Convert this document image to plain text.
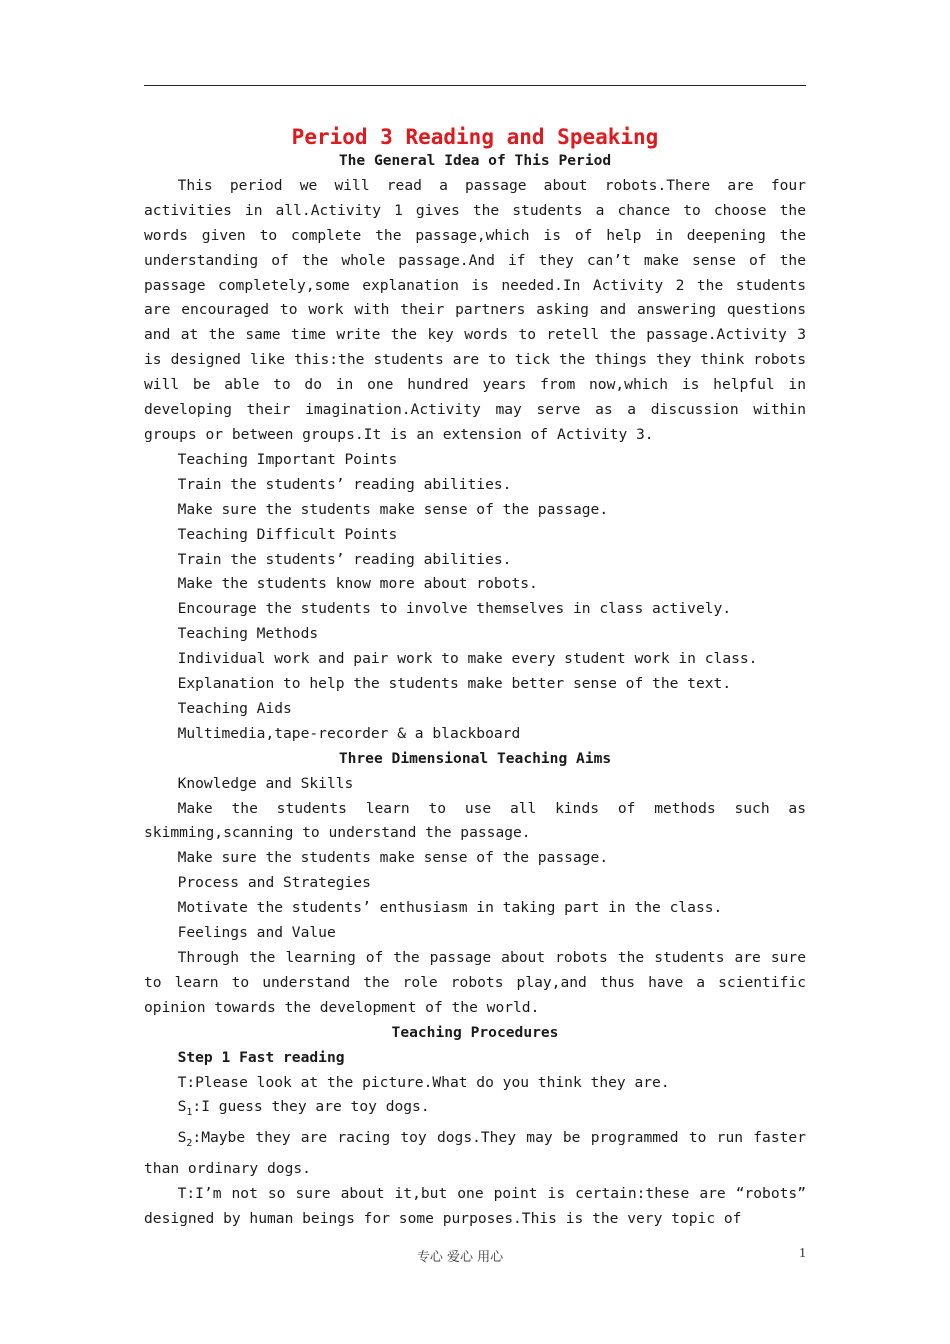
Period 3 Reading and Speaking

The General Idea of This Period

This period we will read a passage about robots.There are four activities in all.Activity 1 gives the students a chance to choose the words given to complete the passage,which is of help in deepening the understanding of the whole passage.And if they can’t make sense of the passage completely,some explanation is needed.In Activity 2 the students are encouraged to work with their partners asking and answering questions and at the same time write the key words to retell the passage.Activity 3 is designed like this:the students are to tick the things they think robots will be able to do in one hundred years from now,which is helpful in developing their imagination.Activity may serve as a discussion within groups or between groups.It is an extension of Activity 3.

Teaching Important Points

Train the students’ reading abilities.

Make sure the students make sense of the passage.

Teaching Difficult Points

Train the students’ reading abilities.

Make the students know more about robots.

Encourage the students to involve themselves in class actively.

Teaching Methods

Individual work and pair work to make every student work in class.

Explanation to help the students make better sense of the text.

Teaching Aids

Multimedia,tape-recorder & a blackboard

Three Dimensional Teaching Aims

Knowledge and Skills

Make the students learn to use all kinds of methods such as skimming,scanning to understand the passage.

Make sure the students make sense of the passage.

Process and Strategies

Motivate the students’ enthusiasm in taking part in the class.

Feelings and Value

Through the learning of the passage about robots the students are sure to learn to understand the role robots play,and thus have a scientific opinion towards the development of the world.

Teaching Procedures

Step 1 Fast reading

T:Please look at the picture.What do you think they are.

$S_1:I$ guess they are toy dogs.

$S_2:Maybe$ they are racing toy dogs.They may be programmed to run faster than ordinary dogs.

T:I’m not so sure about it,but one point is certain:these are “robots” designed by human beings for some purposes.This is the very topic of

专心 爱心 用心	1
